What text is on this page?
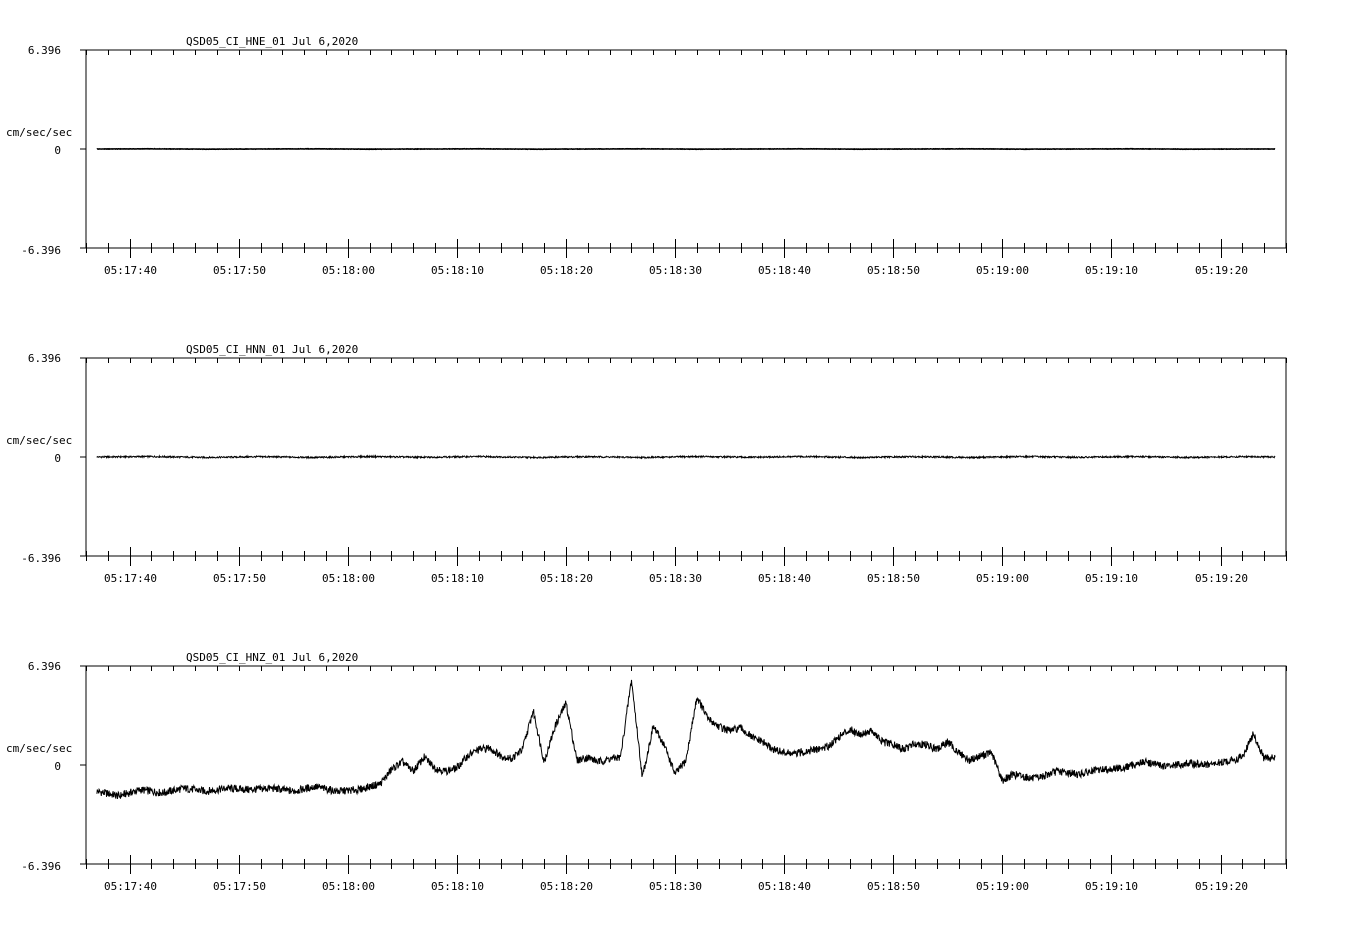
QSD05_CI_HNE_01 Jul 6,2020
cm/sec/sec
6.396
0
-6.396
05:17:40	05:17:50	05:18:00	05:18:10	05:18:20	05:18:30	05:18:40	05:18:50	05:19:00	05:19:10	05:19:20
QSD05_CI_HNN_01 Jul 6,2020
cm/sec/sec
6.396
0
-6.396
05:17:40	05:17:50	05:18:00	05:18:10	05:18:20	05:18:30	05:18:40	05:18:50	05:19:00	05:19:10	05:19:20
QSD05_CI_HNZ_01 Jul 6,2020
cm/sec/sec
6.396
0
-6.396
05:17:40	05:17:50	05:18:00	05:18:10	05:18:20	05:18:30	05:18:40	05:18:50	05:19:00	05:19:10	05:19:20
